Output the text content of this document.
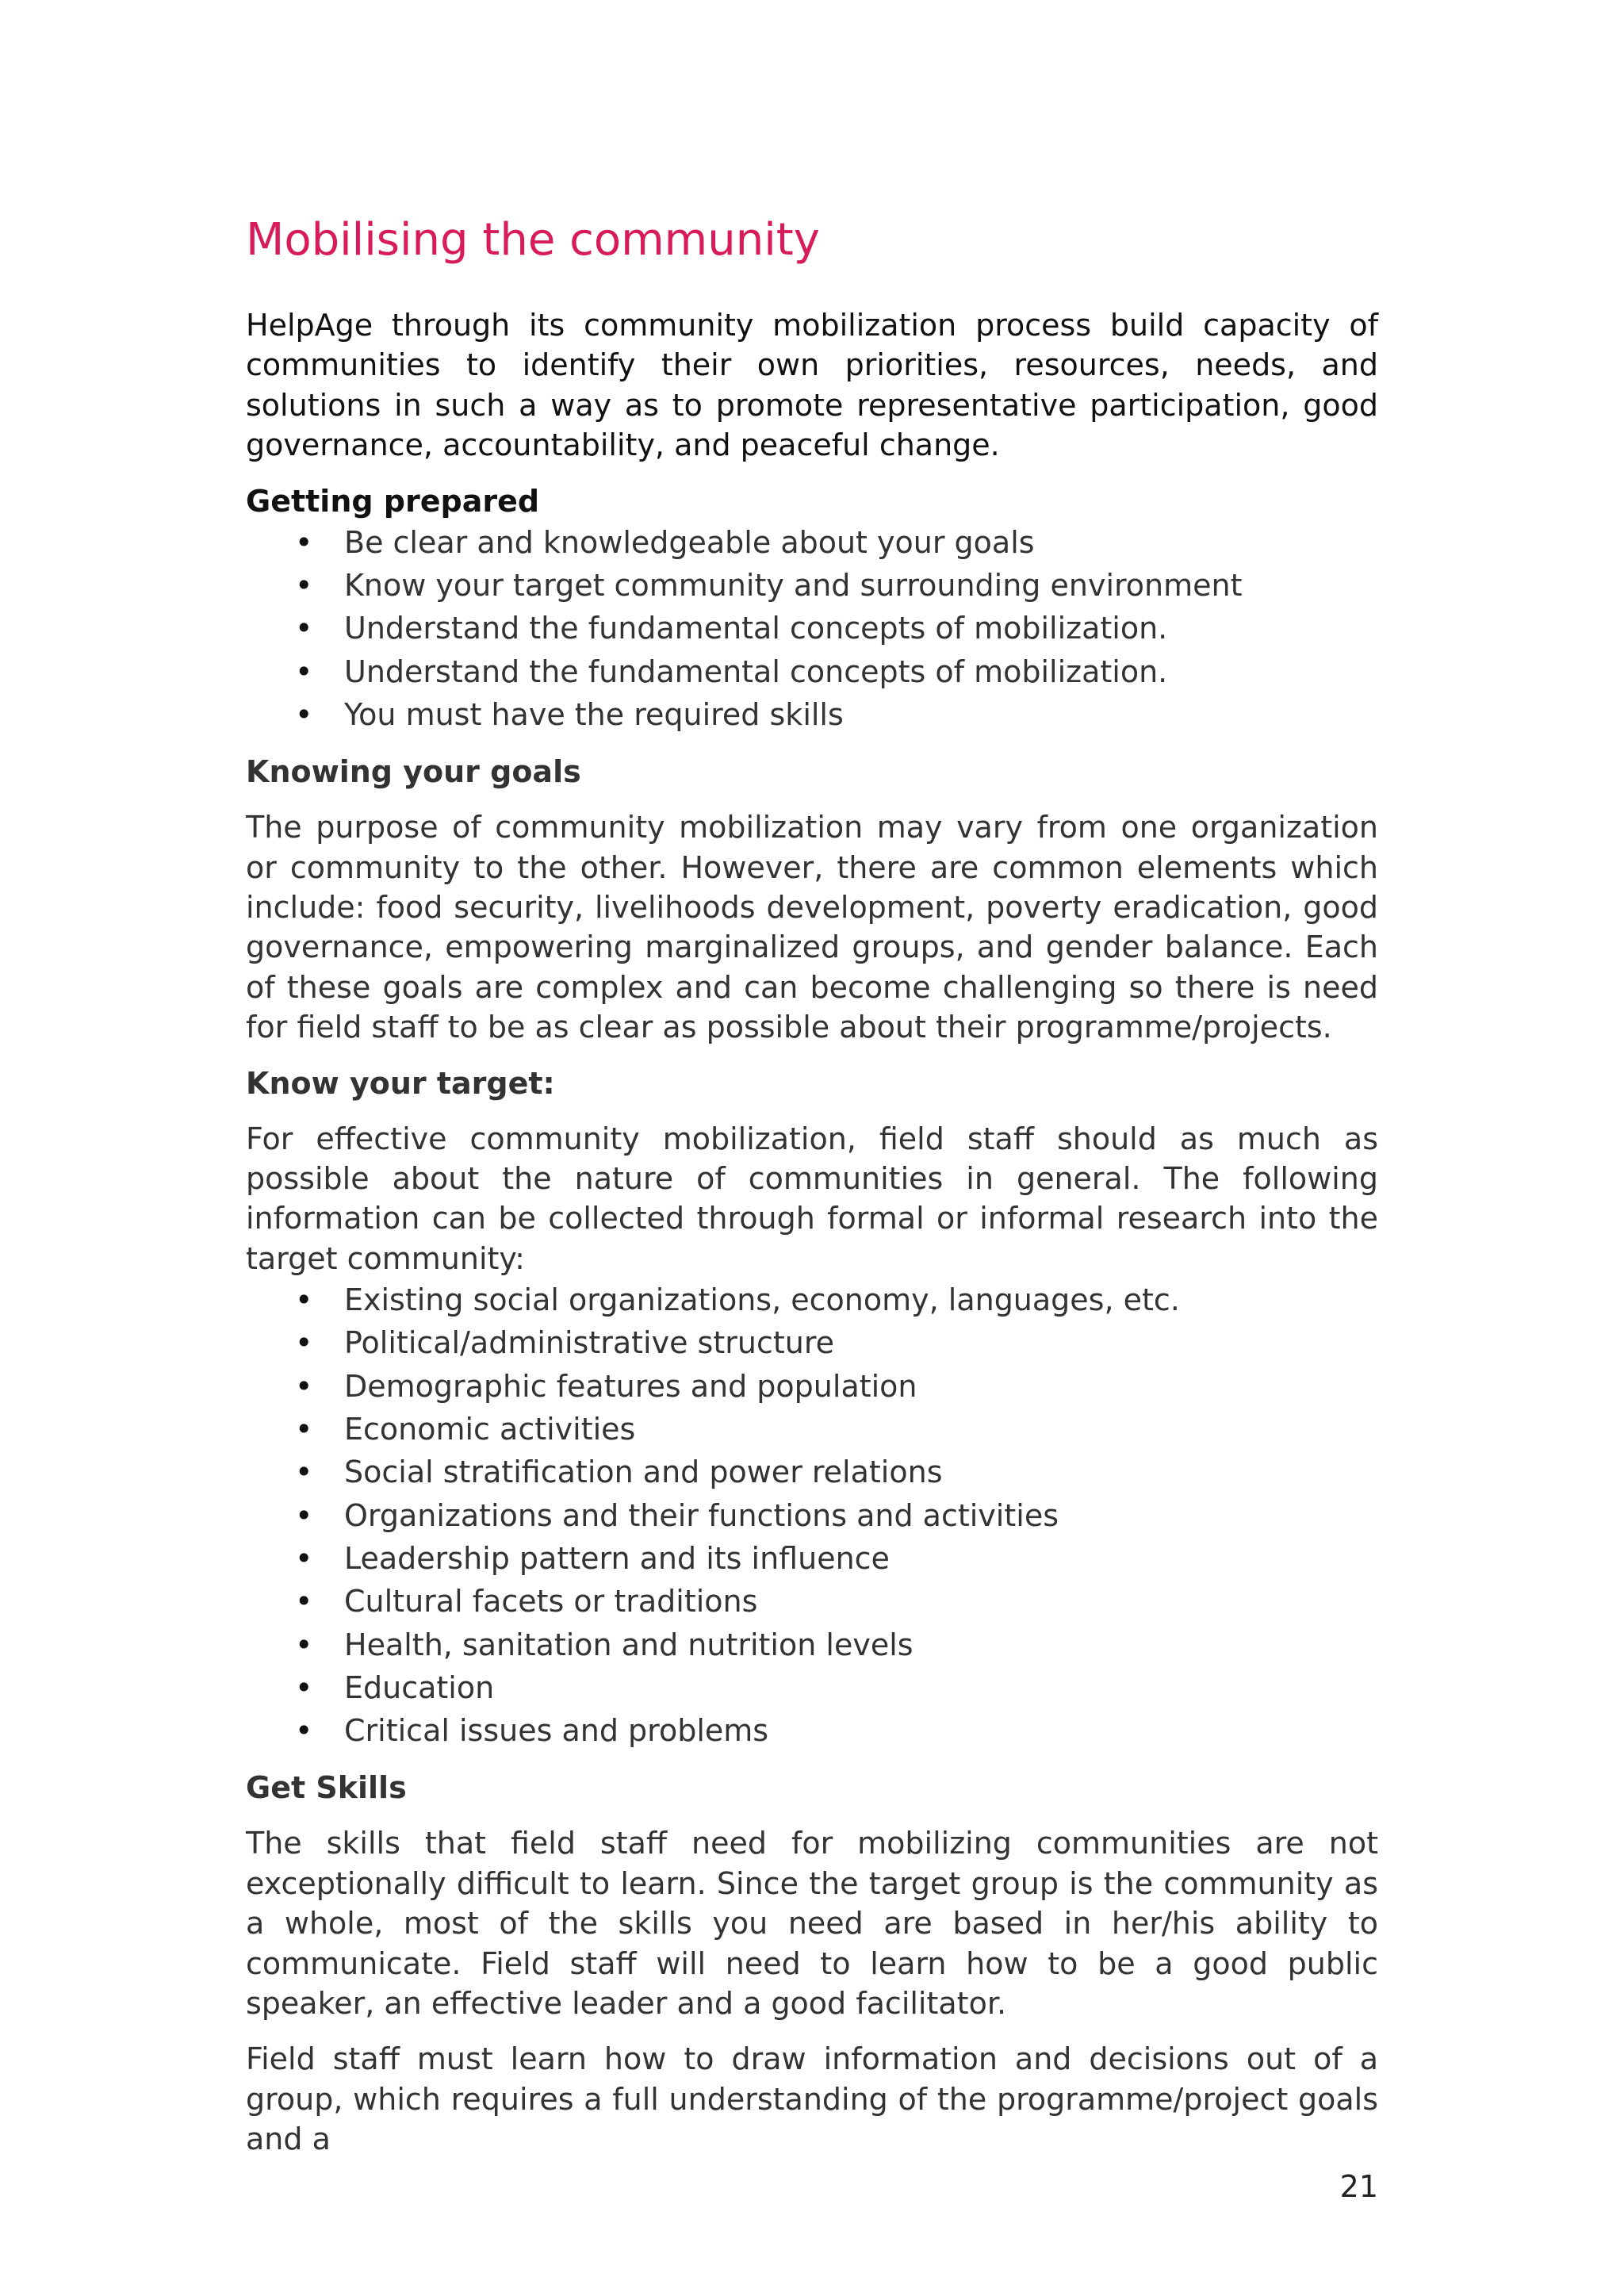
Mobilising the community

HelpAge through its community mobilization process build capacity of communities to identify their own priorities, resources, needs, and solutions in such a way as to promote representative participation, good governance, accountability, and peaceful change.

Getting prepared
• Be clear and knowledgeable about your goals
• Know your target community and surrounding environment
• Understand the fundamental concepts of mobilization.
• Understand the fundamental concepts of mobilization.
• You must have the required skills
Knowing your goals

The purpose of community mobilization may vary from one organization or community to the other. However, there are common elements which include: food security, livelihoods development, poverty eradication, good governance, empowering marginalized groups, and gender balance. Each of these goals are complex and can become challenging so there is need for field staff to be as clear as possible about their programme/projects.

Know your target:

For effective community mobilization, field staff should as much as possible about the nature of communities in general. The following information can be collected through formal or informal research into the target community:

• Existing social organizations, economy, languages, etc.
• Political/administrative structure
• Demographic features and population
• Economic activities
• Social stratification and power relations
• Organizations and their functions and activities
• Leadership pattern and its influence
• Cultural facets or traditions
• Health, sanitation and nutrition levels
• Education
• Critical issues and problems
Get Skills

The skills that field staff need for mobilizing communities are not exceptionally difficult to learn. Since the target group is the community as a whole, most of the skills you need are based in her/his ability to communicate. Field staff will need to learn how to be a good public speaker, an effective leader and a good facilitator.

Field staff must learn how to draw information and decisions out of a group, which requires a full understanding of the programme/project goals and a

21
